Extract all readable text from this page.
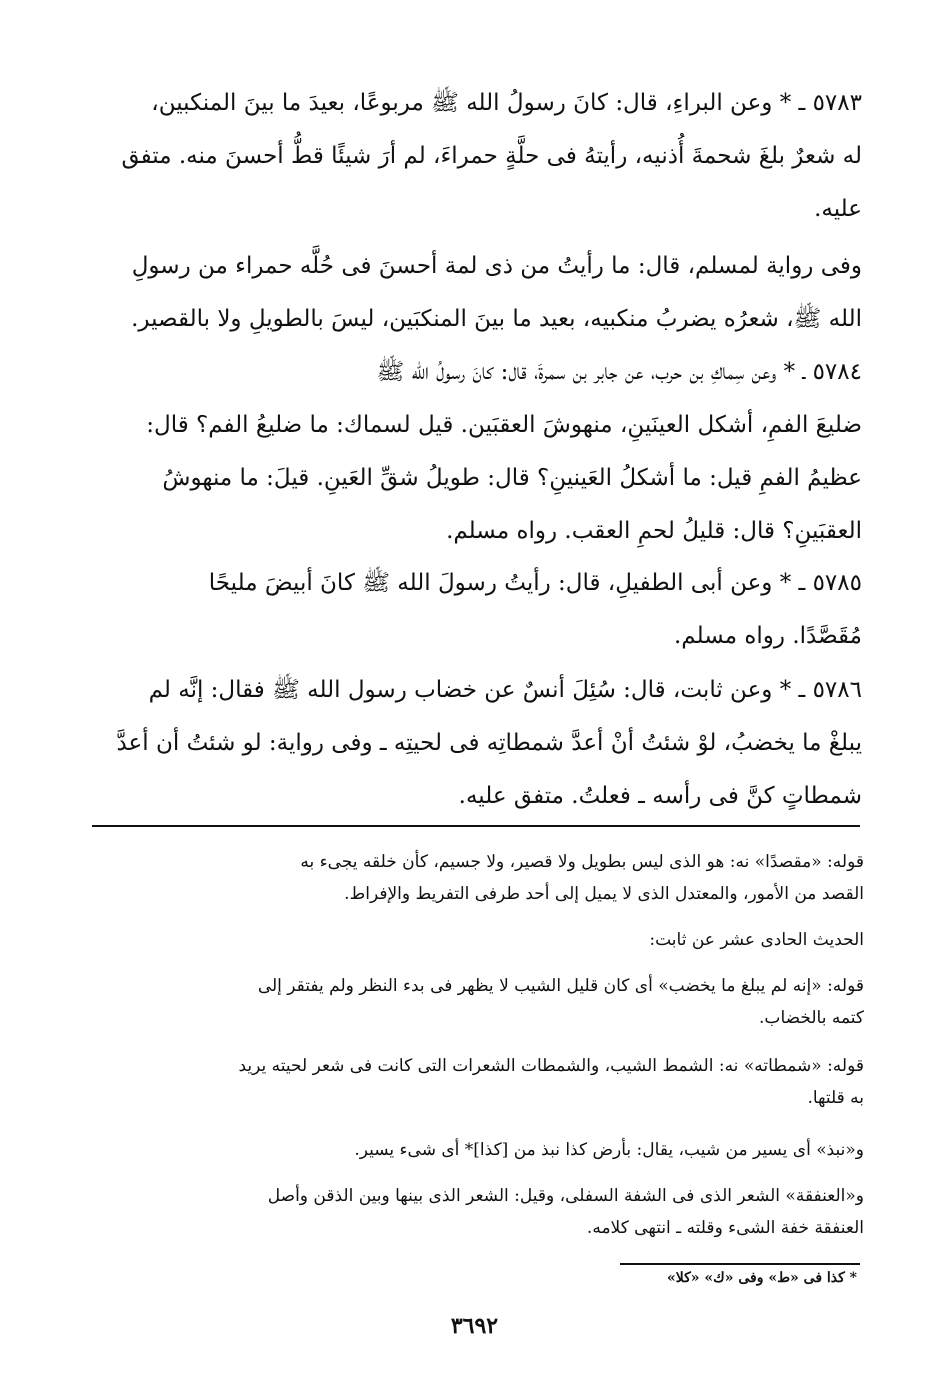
٥٧٨٣ ـ * وعن البراءِ، قال: كانَ رسولُ الله ﷺ مربوعًا، بعيدَ ما بينَ المنكبين،
له شعرٌ بلغَ شحمةَ أُذنيه، رأيتهُ فى حلَّةٍ حمراءَ، لم أرَ شيئًا قطُّ أحسنَ منه. متفق
عليه.
وفى رواية لمسلم، قال: ما رأيتُ من ذى لمة أحسنَ فى حُلَّه حمراء من رسولِ
الله ﷺ، شعرُه يضربُ منكبيه، بعيد ما بينَ المنكبَين، ليسَ بالطويلِ ولا بالقصير.
٥٧٨٤ ـ * وعن سِماكِ بن حرب، عن جابر بن سمرةَ، قال: كانَ رسولُ الله ﷺ
ضليعَ الفمِ، أشكل العينَينِ، منهوشَ العقبَين. قيل لسماك: ما ضليعُ الفم؟ قال:
عظيمُ الفمِ قيل: ما أشكلُ العَينينِ؟ قال: طويلُ شقِّ العَينِ. قيلَ: ما منهوشُ
العقبَينِ؟ قال: قليلُ لحمِ العقب. رواه مسلم.
٥٧٨٥ ـ * وعن أبى الطفيلِ، قال: رأيتُ رسولَ الله ﷺ كانَ أبيضَ مليحًا
مُقَصَّدًا. رواه مسلم.
٥٧٨٦ ـ * وعن ثابت، قال: سُئِلَ أنسٌ عن خضاب رسول الله ﷺ فقال: إنَّه لم
يبلغْ ما يخضبُ، لوْ شئتُ أنْ أعدَّ شمطاتِه فى لحيتِه ـ وفى رواية: لو شئتُ أن أعدَّ
شمطاتٍ كنَّ فى رأسه ـ فعلتُ. متفق عليه.
قوله: «مقصدًا» نه: هو الذى ليس بطويل ولا قصير، ولا جسيم، كأن خلقه يجىء به
القصد من الأمور، والمعتدل الذى لا يميل إلى أحد طرفى التفريط والإفراط.
الحديث الحادى عشر عن ثابت:
قوله: «إنه لم يبلغ ما يخضب» أى كان قليل الشيب لا يظهر فى بدء النظر ولم يفتقر إلى
كتمه بالخضاب.
قوله: «شمطاته» نه: الشمط الشيب، والشمطات الشعرات التى كانت فى شعر لحيته يريد
به قلتها.
و«نبذ» أى يسير من شيب، يقال: بأرض كذا نبذ من [كذا]* أى شىء يسير.
و«العنفقة» الشعر الذى فى الشفة السفلى، وقيل: الشعر الذى بينها وبين الذقن وأصل
العنفقة خفة الشىء وقلته ـ انتهى كلامه.
* كذا فى «ط» وفى «ك» «كلا»
٣٦٩٢
